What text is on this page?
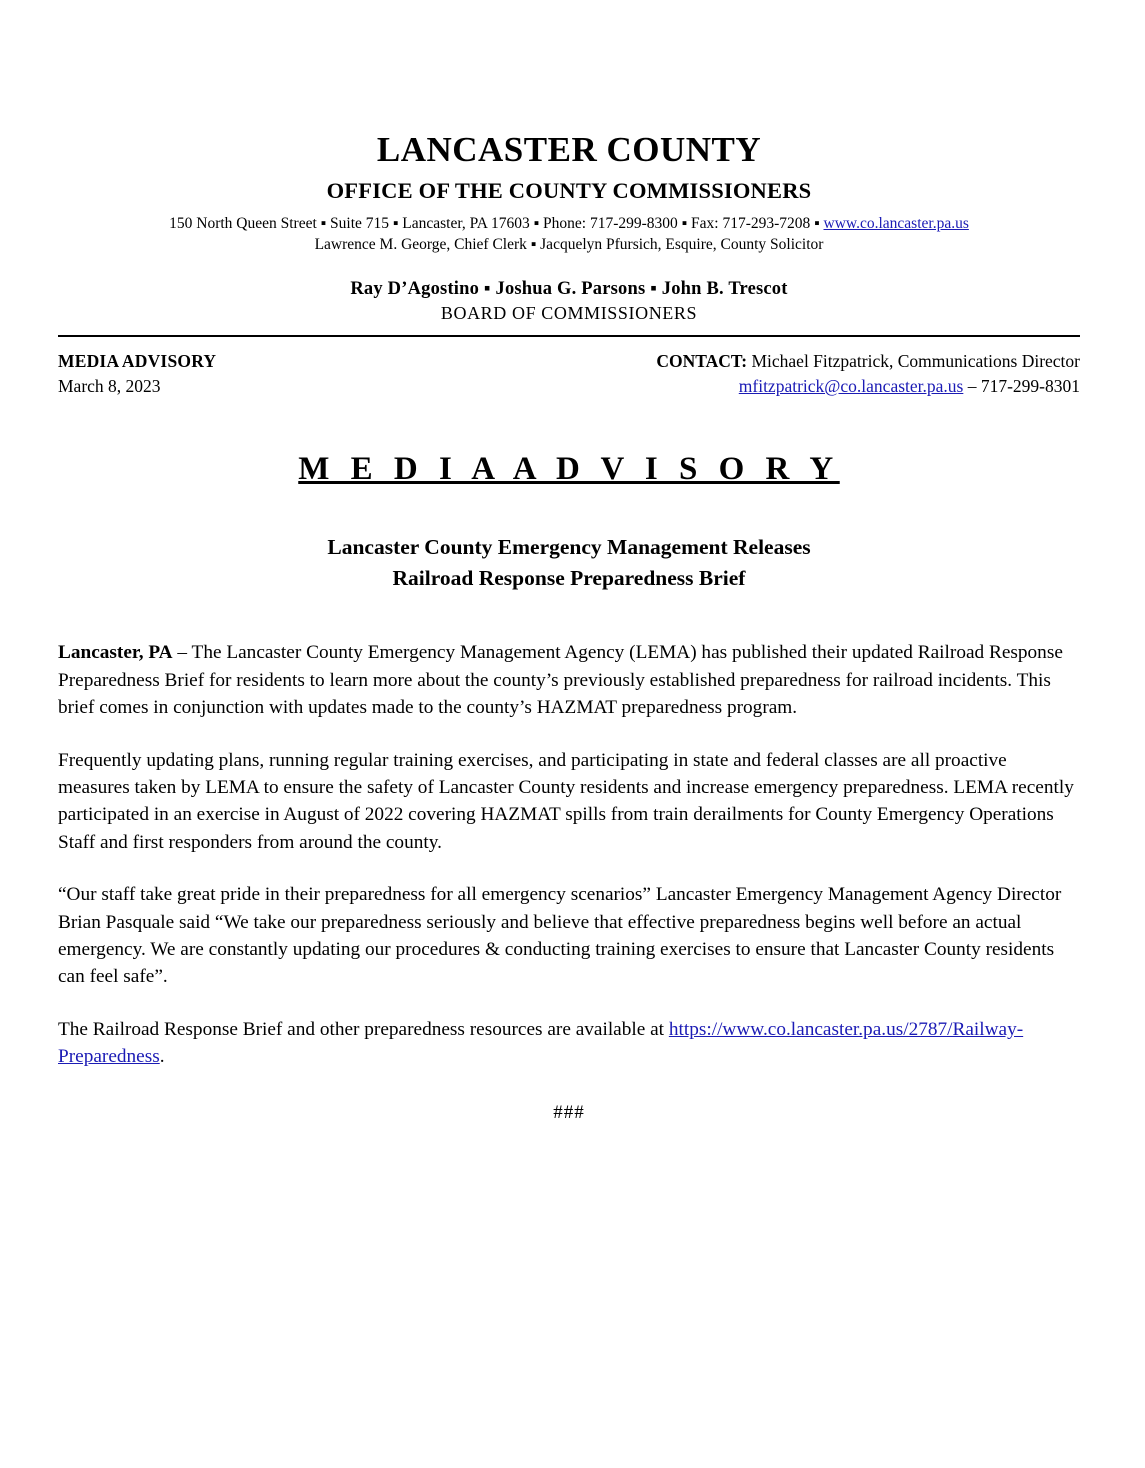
LANCASTER COUNTY
OFFICE OF THE COUNTY COMMISSIONERS
150 North Queen Street ▪ Suite 715 ▪ Lancaster, PA 17603 ▪ Phone: 717-299-8300 ▪ Fax: 717-293-7208 ▪ www.co.lancaster.pa.us
Lawrence M. George, Chief Clerk ▪ Jacquelyn Pfursich, Esquire, County Solicitor
Ray D’Agostino ▪ Joshua G. Parsons ▪ John B. Trescot
BOARD OF COMMISSIONERS
MEDIA ADVISORY
March 8, 2023
CONTACT: Michael Fitzpatrick, Communications Director
mfitzpatrick@co.lancaster.pa.us – 717-299-8301
M E D I A A D V I S O R Y
Lancaster County Emergency Management Releases
Railroad Response Preparedness Brief

Lancaster, PA – The Lancaster County Emergency Management Agency (LEMA) has published their updated Railroad Response Preparedness Brief for residents to learn more about the county’s previously established preparedness for railroad incidents. This brief comes in conjunction with updates made to the county’s HAZMAT preparedness program.

Frequently updating plans, running regular training exercises, and participating in state and federal classes are all proactive measures taken by LEMA to ensure the safety of Lancaster County residents and increase emergency preparedness. LEMA recently participated in an exercise in August of 2022 covering HAZMAT spills from train derailments for County Emergency Operations Staff and first responders from around the county.

“Our staff take great pride in their preparedness for all emergency scenarios” Lancaster Emergency Management Agency Director Brian Pasquale said “We take our preparedness seriously and believe that effective preparedness begins well before an actual emergency. We are constantly updating our procedures & conducting training exercises to ensure that Lancaster County residents can feel safe”.

The Railroad Response Brief and other preparedness resources are available at https://www.co.lancaster.pa.us/2787/Railway-Preparedness.

###
